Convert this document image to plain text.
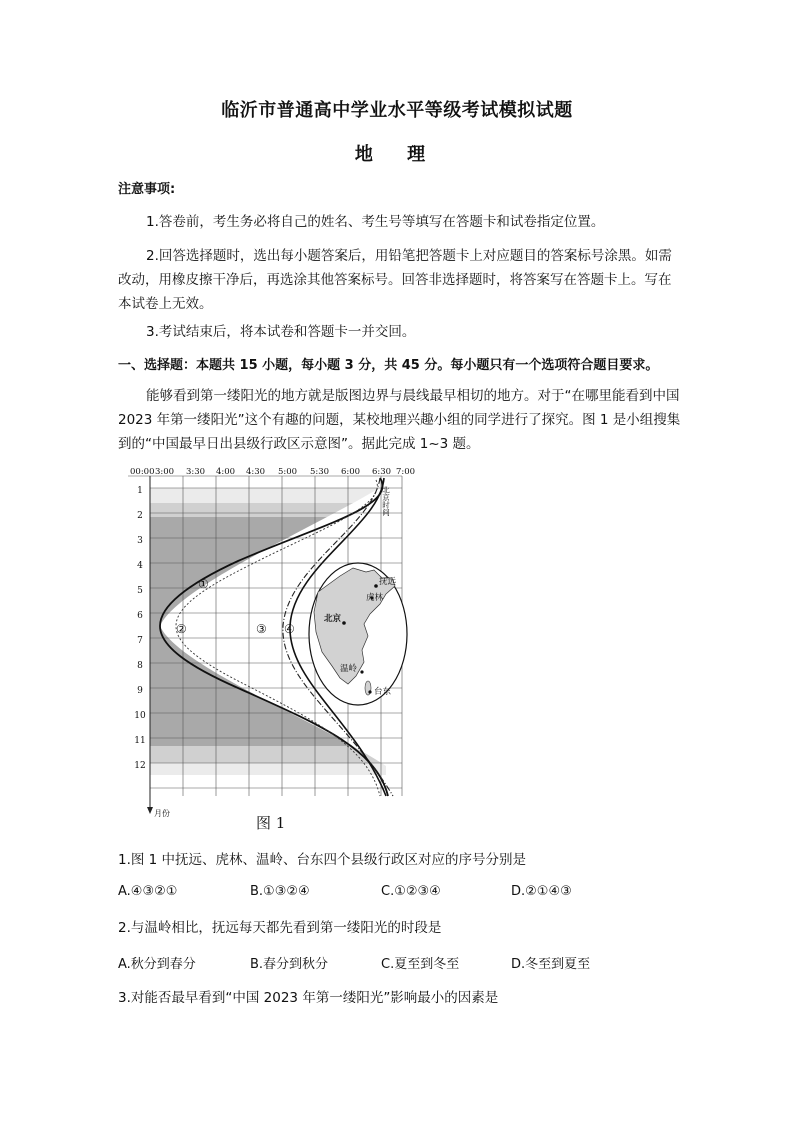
临沂市普通高中学业水平等级考试模拟试题
地 理
注意事项:
1.答卷前，考生务必将自己的姓名、考生号等填写在答题卡和试卷指定位置。
2.回答选择题时，选出每小题答案后，用铅笔把答题卡上对应题目的答案标号涂黑。如需改动，用橡皮擦干净后，再选涂其他答案标号。回答非选择题时，将答案写在答题卡上。写在本试卷上无效。
3.考试结束后，将本试卷和答题卡一并交回。
一、选择题：本题共 15 小题，每小题 3 分，共 45 分。每小题只有一个选项符合题目要求。
能够看到第一缕阳光的地方就是版图边界与晨线最早相切的地方。对于“在哪里能看到中国 2023 年第一缕阳光”这个有趣的问题，某校地理兴趣小组的同学进行了探究。图 1 是小组搜集到的“中国最早日出县级行政区示意图”。据此完成 1~3 题。
00:00 3:00 3:30 4:00 4:30 5:00 5:30 6:00 6:30 7:00
1
2
3
4
5
6
7
8
9
10
11
12
月份
北京时间
①
②	③ ④
抚远
虎林
北京
温岭
台东
图 1
1.图 1 中抚远、虎林、温岭、台东四个县级行政区对应的序号分别是
A.④③②①	B.①③②④	C.①②③④	D.②①④③
2.与温岭相比，抚远每天都先看到第一缕阳光的时段是
A.秋分到春分	B.春分到秋分	C.夏至到冬至	D.冬至到夏至
3.对能否最早看到“中国 2023 年第一缕阳光”影响最小的因素是
